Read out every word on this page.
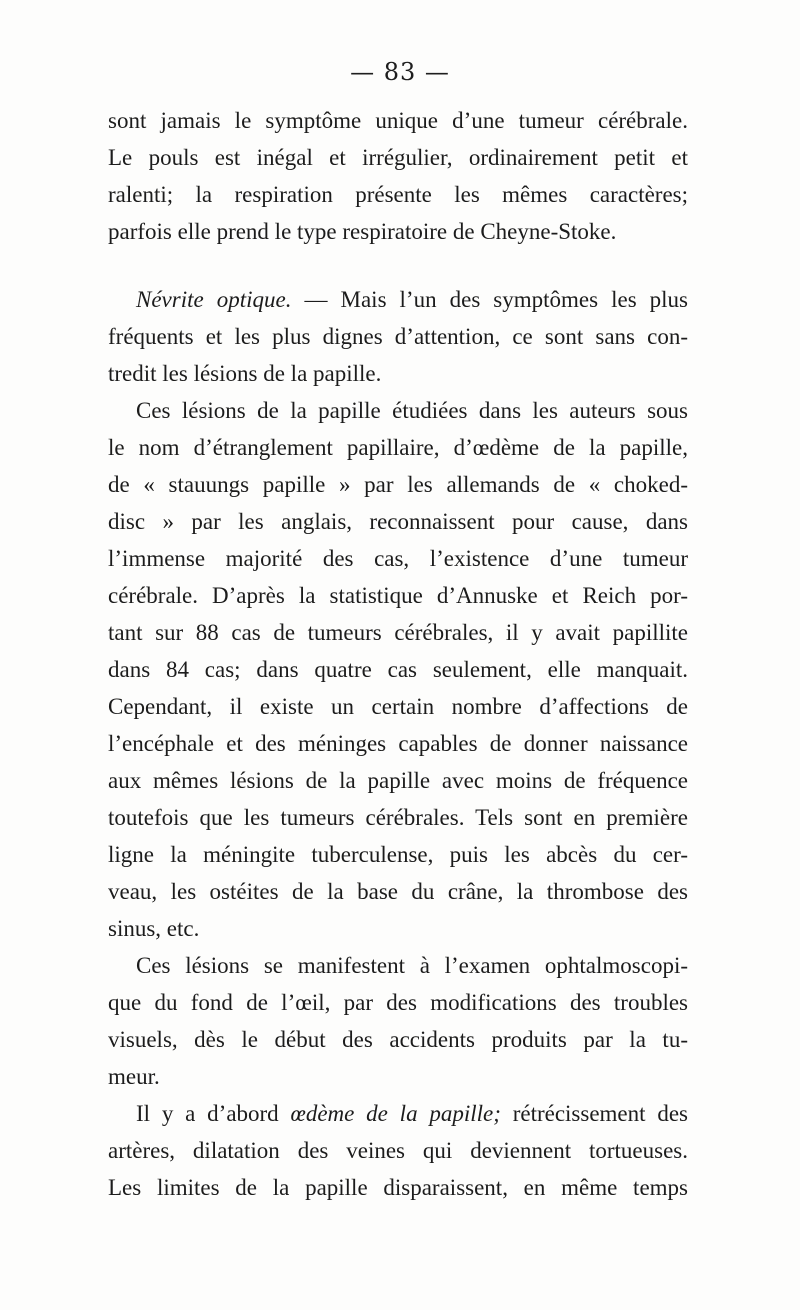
— 83 —
sont jamais le symptôme unique d’une tumeur cérébrale.
Le pouls est inégal et irrégulier, ordinairement petit et
ralenti; la respiration présente les mêmes caractères;
parfois elle prend le type respiratoire de Cheyne-Stoke.
Névrite optique. — Mais l’un des symptômes les plus
fréquents et les plus dignes d’attention, ce sont sans con-
tredit les lésions de la papille.
Ces lésions de la papille étudiées dans les auteurs sous
le nom d’étranglement papillaire, d’œdème de la papille,
de « stauungs papille » par les allemands de « choked-
disc » par les anglais, reconnaissent pour cause, dans
l’immense majorité des cas, l’existence d’une tumeur
cérébrale. D’après la statistique d’Annuske et Reich por-
tant sur 88 cas de tumeurs cérébrales, il y avait papillite
dans 84 cas; dans quatre cas seulement, elle manquait.
Cependant, il existe un certain nombre d’affections de
l’encéphale et des méninges capables de donner naissance
aux mêmes lésions de la papille avec moins de fréquence
toutefois que les tumeurs cérébrales. Tels sont en première
ligne la méningite tuberculense, puis les abcès du cer-
veau, les ostéites de la base du crâne, la thrombose des
sinus, etc.
Ces lésions se manifestent à l’examen ophtalmoscopi-
que du fond de l’œil, par des modifications des troubles
visuels, dès le début des accidents produits par la tu-
meur.
Il y a d’abord œdème de la papille; rétrécissement des
artères, dilatation des veines qui deviennent tortueuses.
Les limites de la papille disparaissent, en même temps
